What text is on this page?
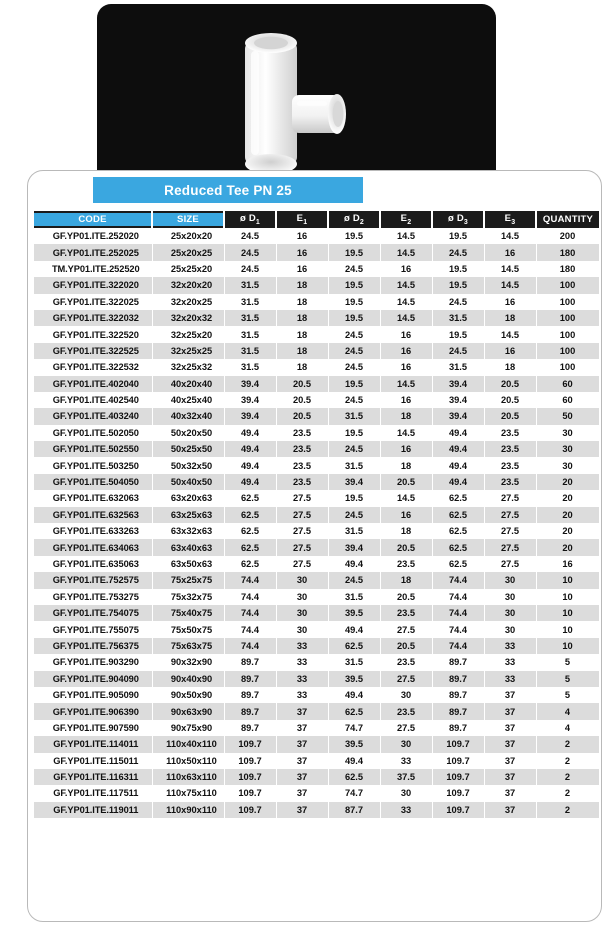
Reduced Tee PN 25
CODE	SIZE	ø $D_1$	$E_1$	ø $D_2$	$E_2$	ø $D_3$	$E_3$	QUANTITY
GF.YP01.ITE.252020	25x20x20	24.5	16	19.5	14.5	19.5	14.5	200
GF.YP01.ITE.252025	25x20x25	24.5	16	19.5	14.5	24.5	16	180
TM.YP01.ITE.252520	25x25x20	24.5	16	24.5	16	19.5	14.5	180
GF.YP01.ITE.322020	32x20x20	31.5	18	19.5	14.5	19.5	14.5	100
GF.YP01.ITE.322025	32x20x25	31.5	18	19.5	14.5	24.5	16	100
GF.YP01.ITE.322032	32x20x32	31.5	18	19.5	14.5	31.5	18	100
GF.YP01.ITE.322520	32x25x20	31.5	18	24.5	16	19.5	14.5	100
GF.YP01.ITE.322525	32x25x25	31.5	18	24.5	16	24.5	16	100
GF.YP01.ITE.322532	32x25x32	31.5	18	24.5	16	31.5	18	100
GF.YP01.ITE.402040	40x20x40	39.4	20.5	19.5	14.5	39.4	20.5	60
GF.YP01.ITE.402540	40x25x40	39.4	20.5	24.5	16	39.4	20.5	60
GF.YP01.ITE.403240	40x32x40	39.4	20.5	31.5	18	39.4	20.5	50
GF.YP01.ITE.502050	50x20x50	49.4	23.5	19.5	14.5	49.4	23.5	30
GF.YP01.ITE.502550	50x25x50	49.4	23.5	24.5	16	49.4	23.5	30
GF.YP01.ITE.503250	50x32x50	49.4	23.5	31.5	18	49.4	23.5	30
GF.YP01.ITE.504050	50x40x50	49.4	23.5	39.4	20.5	49.4	23.5	20
GF.YP01.ITE.632063	63x20x63	62.5	27.5	19.5	14.5	62.5	27.5	20
GF.YP01.ITE.632563	63x25x63	62.5	27.5	24.5	16	62.5	27.5	20
GF.YP01.ITE.633263	63x32x63	62.5	27.5	31.5	18	62.5	27.5	20
GF.YP01.ITE.634063	63x40x63	62.5	27.5	39.4	20.5	62.5	27.5	20
GF.YP01.ITE.635063	63x50x63	62.5	27.5	49.4	23.5	62.5	27.5	16
GF.YP01.ITE.752575	75x25x75	74.4	30	24.5	18	74.4	30	10
GF.YP01.ITE.753275	75x32x75	74.4	30	31.5	20.5	74.4	30	10
GF.YP01.ITE.754075	75x40x75	74.4	30	39.5	23.5	74.4	30	10
GF.YP01.ITE.755075	75x50x75	74.4	30	49.4	27.5	74.4	30	10
GF.YP01.ITE.756375	75x63x75	74.4	33	62.5	20.5	74.4	33	10
GF.YP01.ITE.903290	90x32x90	89.7	33	31.5	23.5	89.7	33	5
GF.YP01.ITE.904090	90x40x90	89.7	33	39.5	27.5	89.7	33	5
GF.YP01.ITE.905090	90x50x90	89.7	33	49.4	30	89.7	37	5
GF.YP01.ITE.906390	90x63x90	89.7	37	62.5	23.5	89.7	37	4
GF.YP01.ITE.907590	90x75x90	89.7	37	74.7	27.5	89.7	37	4
GF.YP01.ITE.114011	110x40x110	109.7	37	39.5	30	109.7	37	2
GF.YP01.ITE.115011	110x50x110	109.7	37	49.4	33	109.7	37	2
GF.YP01.ITE.116311	110x63x110	109.7	37	62.5	37.5	109.7	37	2
GF.YP01.ITE.117511	110x75x110	109.7	37	74.7	30	109.7	37	2
GF.YP01.ITE.119011	110x90x110	109.7	37	87.7	33	109.7	37	2
